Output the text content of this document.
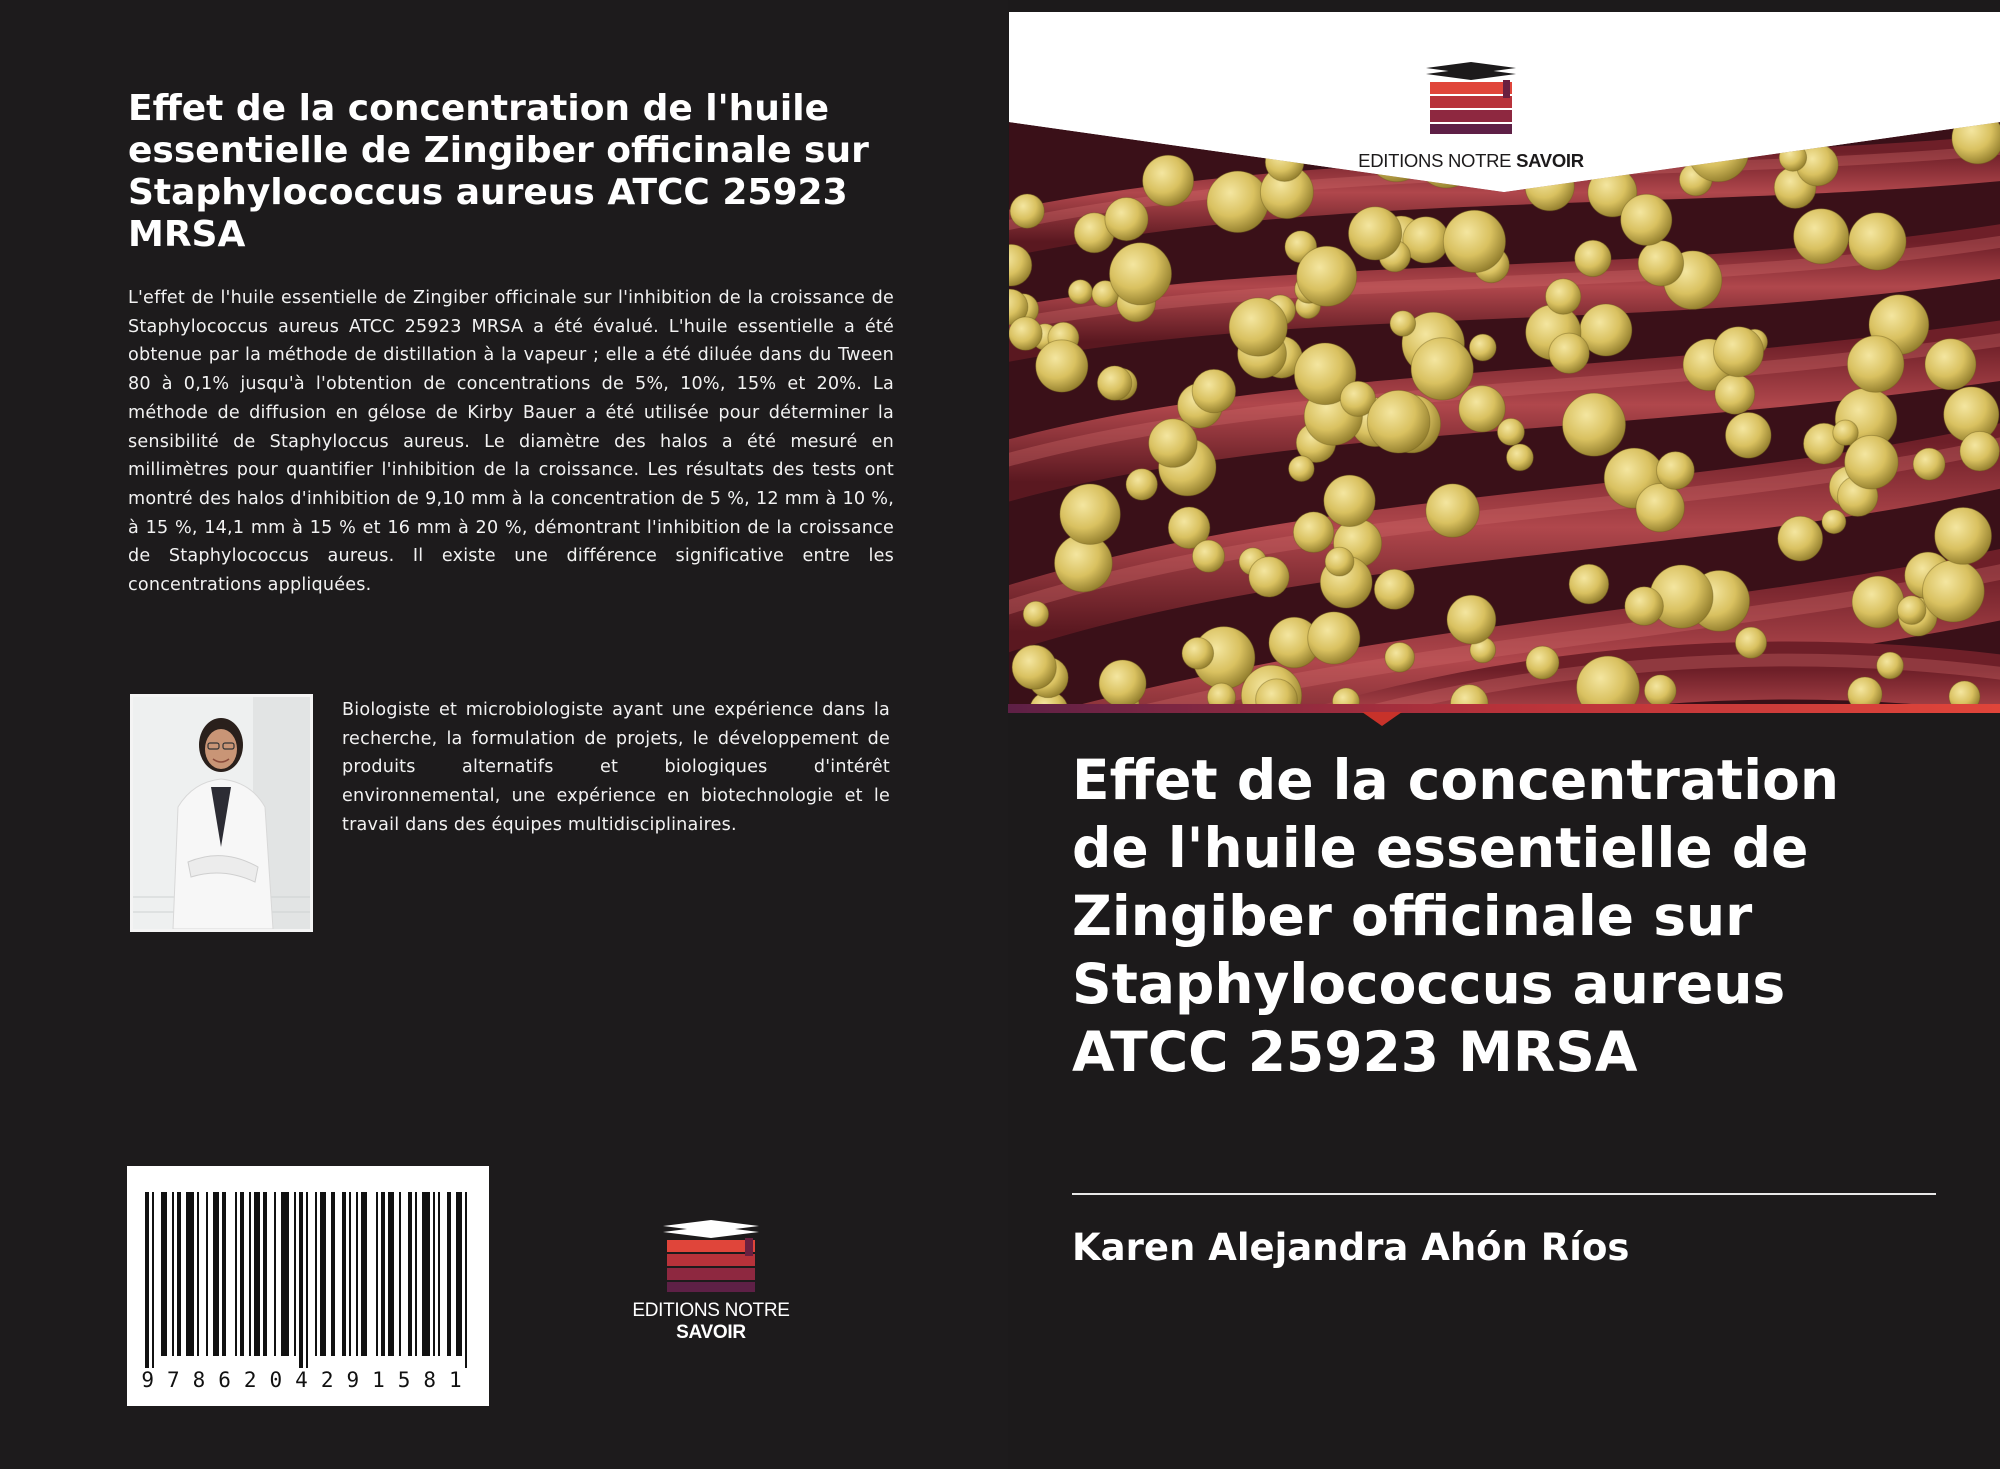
Effet de la concentration de l'huile essentielle de Zingiber officinale sur Staphylococcus aureus ATCC 25923 MRSA

L'effet de l'huile essentielle de Zingiber officinale sur l'inhibition de la croissance de Staphylococcus aureus ATCC 25923 MRSA a été évalué. L'huile essentielle a été obtenue par la méthode de distillation à la vapeur ; elle a été diluée dans du Tween 80 à 0,1% jusqu'à l'obtention de concentrations de 5%, 10%, 15% et 20%. La méthode de diffusion en gélose de Kirby Bauer a été utilisée pour déterminer la sensibilité de Staphyloccus aureus. Le diamètre des halos a été mesuré en millimètres pour quantifier l'inhibition de la croissance. Les résultats des tests ont montré des halos d'inhibition de 9,10 mm à la concentration de 5 %, 12 mm à 10 %, à 15 %, 14,1 mm à 15 % et 16 mm à 20 %, démontrant l'inhibition de la croissance de Staphylococcus aureus. Il existe une différence significative entre les concentrations appliquées.

Biologiste et microbiologiste ayant une expérience dans la recherche, la formulation de projets, le développement de produits alternatifs et biologiques d'intérêt environnemental, une expérience en biotechnologie et le travail dans des équipes multidisciplinaires.

9786204291581
EDITIONS NOTRE SAVOIR
EDITIONS NOTRE SAVOIR
Effet de la concentration de l'huile essentielle de Zingiber officinale sur Staphylococcus aureus ATCC 25923 MRSA
Karen Alejandra Ahón Ríos
